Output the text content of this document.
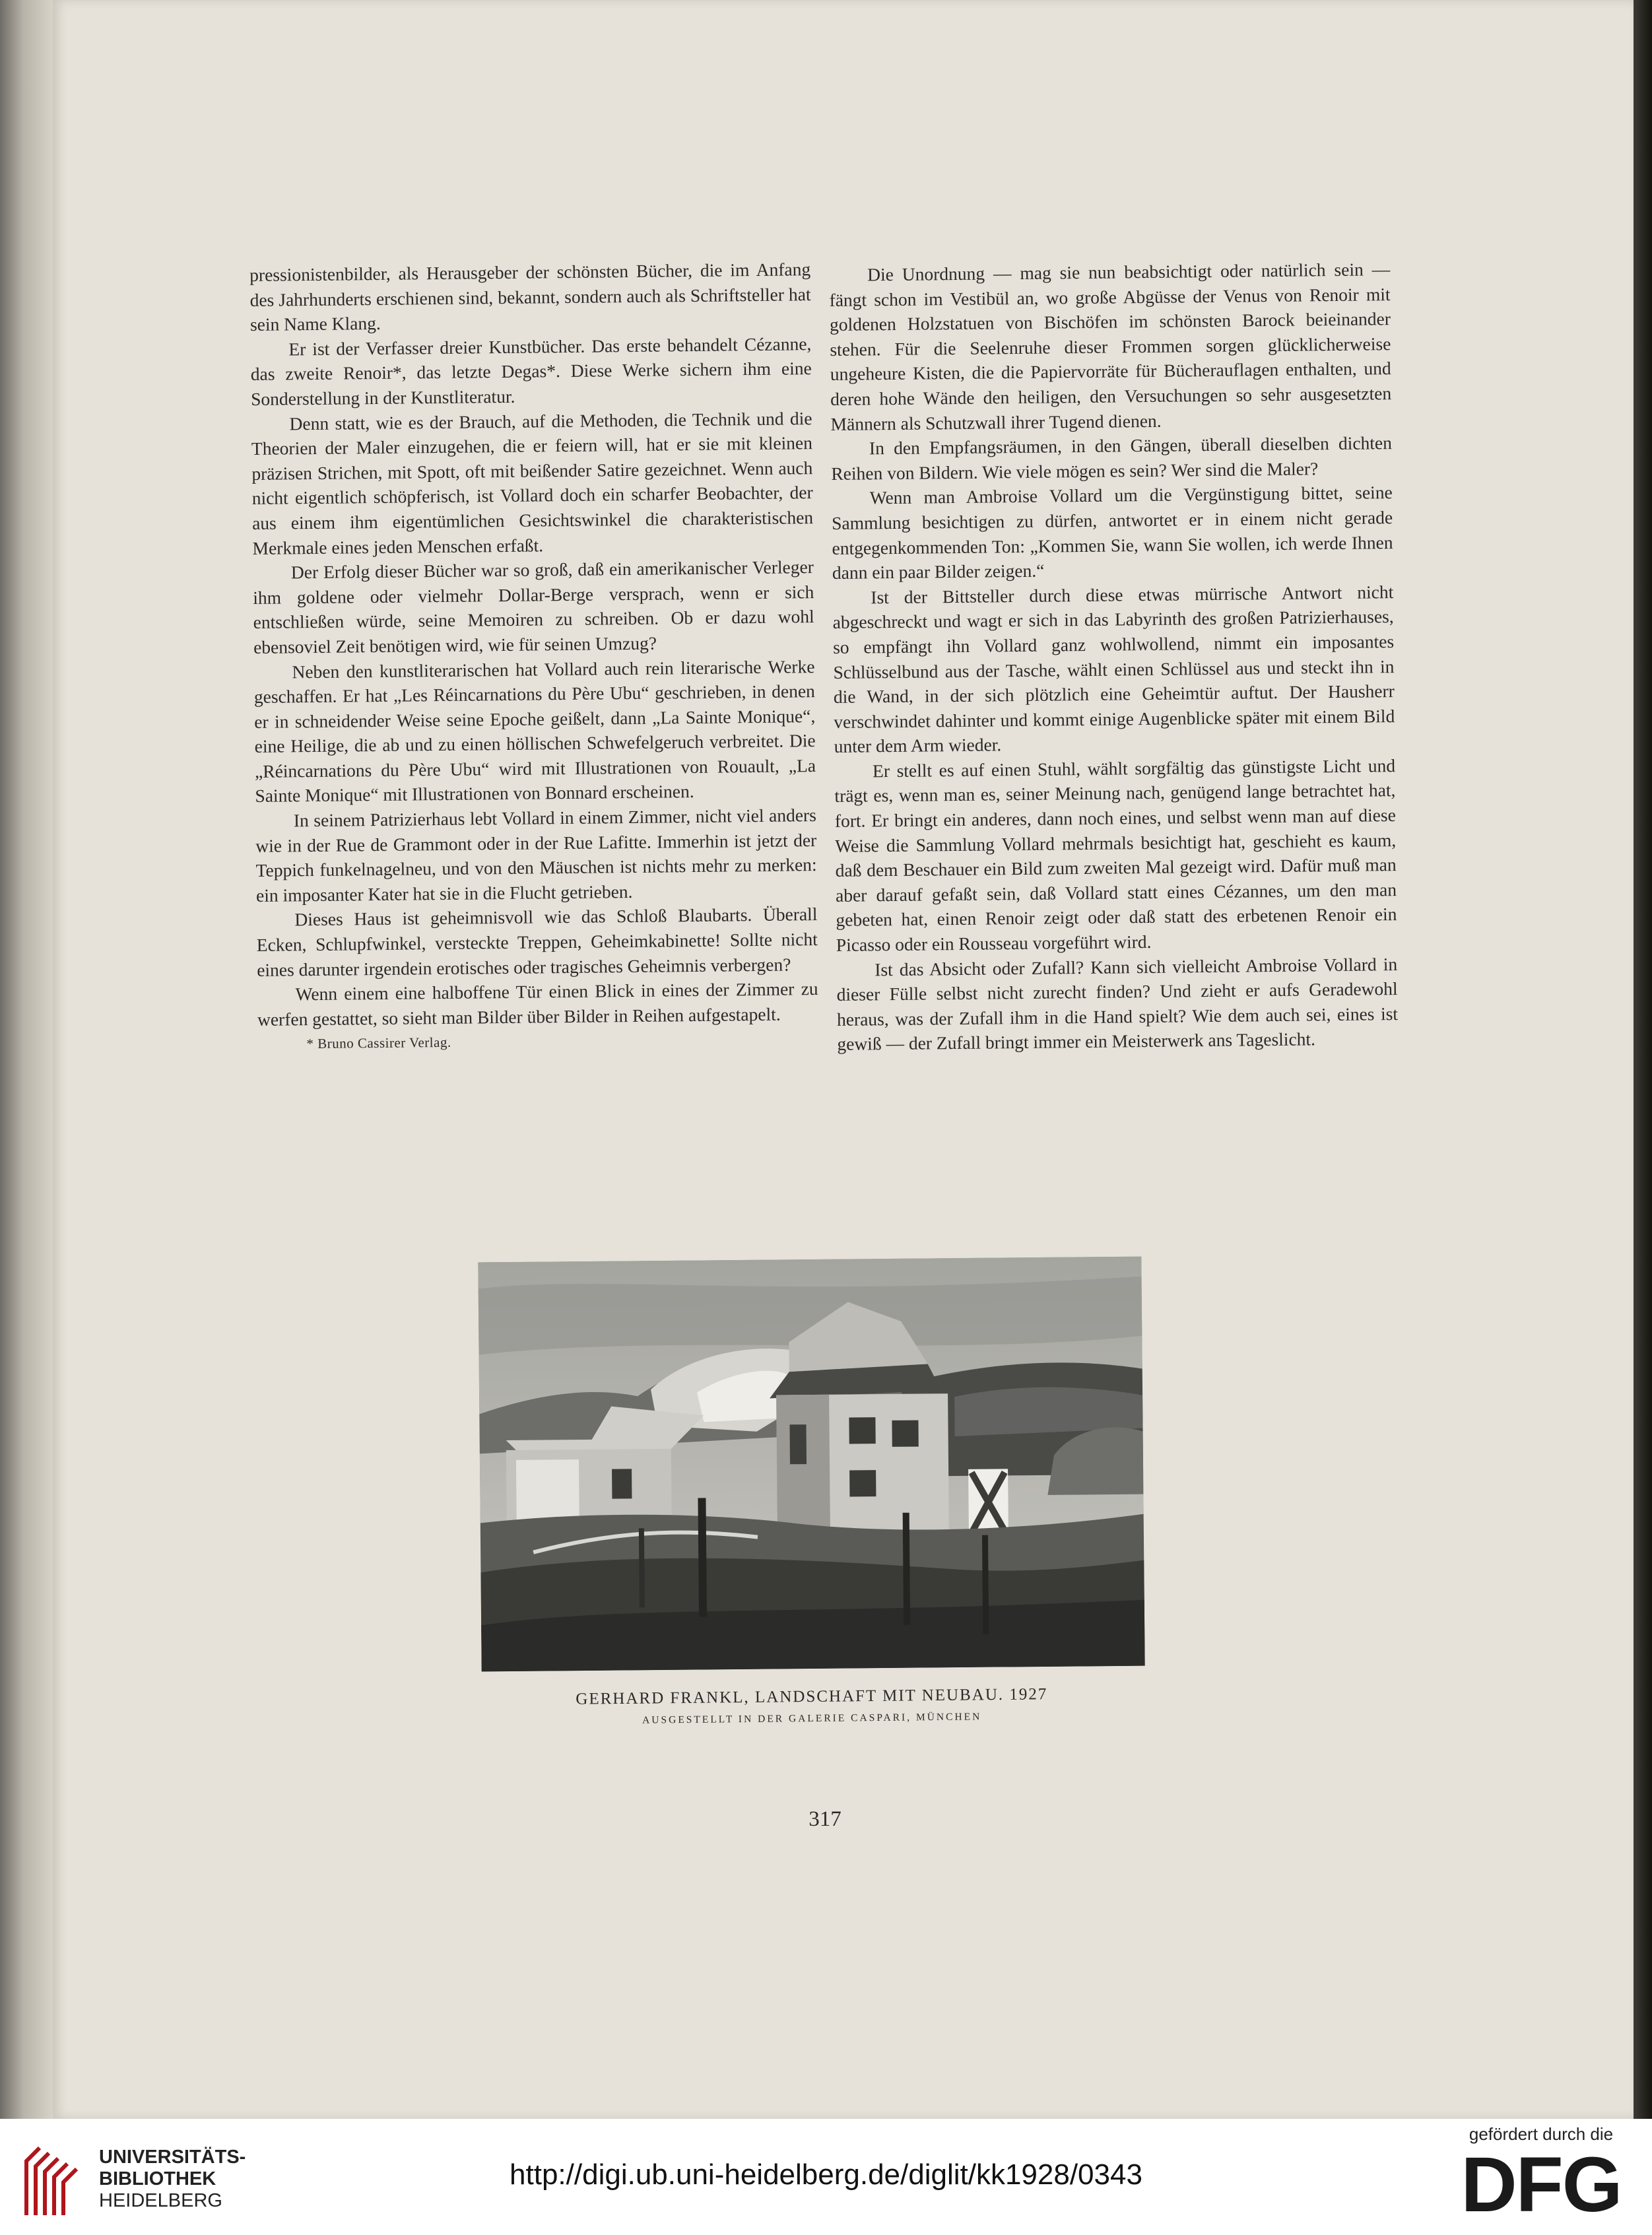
pressionistenbilder, als Herausgeber der schönsten Bücher, die im Anfang des Jahrhunderts erschienen sind, bekannt, sondern auch als Schriftsteller hat sein Name Klang.

Er ist der Verfasser dreier Kunstbücher. Das erste behandelt Cézanne, das zweite Renoir*, das letzte Degas*. Diese Werke sichern ihm eine Sonderstellung in der Kunstliteratur.

Denn statt, wie es der Brauch, auf die Methoden, die Technik und die Theorien der Maler einzugehen, die er feiern will, hat er sie mit kleinen präzisen Strichen, mit Spott, oft mit beißender Satire gezeichnet. Wenn auch nicht eigentlich schöpferisch, ist Vollard doch ein scharfer Beobachter, der aus einem ihm eigentümlichen Gesichtswinkel die charakteristischen Merkmale eines jeden Menschen erfaßt.

Der Erfolg dieser Bücher war so groß, daß ein amerikanischer Verleger ihm goldene oder vielmehr Dollar-Berge versprach, wenn er sich entschließen würde, seine Memoiren zu schreiben. Ob er dazu wohl ebensoviel Zeit benötigen wird, wie für seinen Umzug?

Neben den kunstliterarischen hat Vollard auch rein literarische Werke geschaffen. Er hat „Les Réincarnations du Père Ubu“ geschrieben, in denen er in schneidender Weise seine Epoche geißelt, dann „La Sainte Monique“, eine Heilige, die ab und zu einen höllischen Schwefelgeruch verbreitet. Die „Réincarnations du Père Ubu“ wird mit Illustrationen von Rouault, „La Sainte Monique“ mit Illustrationen von Bonnard erscheinen.

In seinem Patrizierhaus lebt Vollard in einem Zimmer, nicht viel anders wie in der Rue de Grammont oder in der Rue Lafitte. Immerhin ist jetzt der Teppich funkelnagelneu, und von den Mäuschen ist nichts mehr zu merken: ein imposanter Kater hat sie in die Flucht getrieben.

Dieses Haus ist geheimnisvoll wie das Schloß Blaubarts. Überall Ecken, Schlupfwinkel, versteckte Treppen, Geheimkabinette! Sollte nicht eines darunter irgendein erotisches oder tragisches Geheimnis verbergen?

Wenn einem eine halboffene Tür einen Blick in eines der Zimmer zu werfen gestattet, so sieht man Bilder über Bilder in Reihen aufgestapelt.

* Bruno Cassirer Verlag.

Die Unordnung — mag sie nun beabsichtigt oder natürlich sein — fängt schon im Vestibül an, wo große Abgüsse der Venus von Renoir mit goldenen Holzstatuen von Bischöfen im schönsten Barock beieinander stehen. Für die Seelenruhe dieser Frommen sorgen glücklicherweise ungeheure Kisten, die die Papiervorräte für Bücherauflagen enthalten, und deren hohe Wände den heiligen, den Versuchungen so sehr ausgesetzten Männern als Schutzwall ihrer Tugend dienen.

In den Empfangsräumen, in den Gängen, überall dieselben dichten Reihen von Bildern. Wie viele mögen es sein? Wer sind die Maler?

Wenn man Ambroise Vollard um die Vergünstigung bittet, seine Sammlung besichtigen zu dürfen, antwortet er in einem nicht gerade entgegenkommenden Ton: „Kommen Sie, wann Sie wollen, ich werde Ihnen dann ein paar Bilder zeigen.“

Ist der Bittsteller durch diese etwas mürrische Antwort nicht abgeschreckt und wagt er sich in das Labyrinth des großen Patrizierhauses, so empfängt ihn Vollard ganz wohlwollend, nimmt ein imposantes Schlüsselbund aus der Tasche, wählt einen Schlüssel aus und steckt ihn in die Wand, in der sich plötzlich eine Geheimtür auftut. Der Hausherr verschwindet dahinter und kommt einige Augenblicke später mit einem Bild unter dem Arm wieder.

Er stellt es auf einen Stuhl, wählt sorgfältig das günstigste Licht und trägt es, wenn man es, seiner Meinung nach, genügend lange betrachtet hat, fort. Er bringt ein anderes, dann noch eines, und selbst wenn man auf diese Weise die Sammlung Vollard mehrmals besichtigt hat, geschieht es kaum, daß dem Beschauer ein Bild zum zweiten Mal gezeigt wird. Dafür muß man aber darauf gefaßt sein, daß Vollard statt eines Cézannes, um den man gebeten hat, einen Renoir zeigt oder daß statt des erbetenen Renoir ein Picasso oder ein Rousseau vorgeführt wird.

Ist das Absicht oder Zufall? Kann sich vielleicht Ambroise Vollard in dieser Fülle selbst nicht zurecht finden? Und zieht er aufs Geradewohl heraus, was der Zufall ihm in die Hand spielt? Wie dem auch sei, eines ist gewiß — der Zufall bringt immer ein Meisterwerk ans Tageslicht.

GERHARD FRANKL, LANDSCHAFT MIT NEUBAU. 1927
AUSGESTELLT IN DER GALERIE CASPARI, MÜNCHEN
317
UNIVERSITÄTS-
BIBLIOTHEK
HEIDELBERG
http://digi.ub.uni-heidelberg.de/diglit/kk1928/0343
gefördert durch die
DFG
